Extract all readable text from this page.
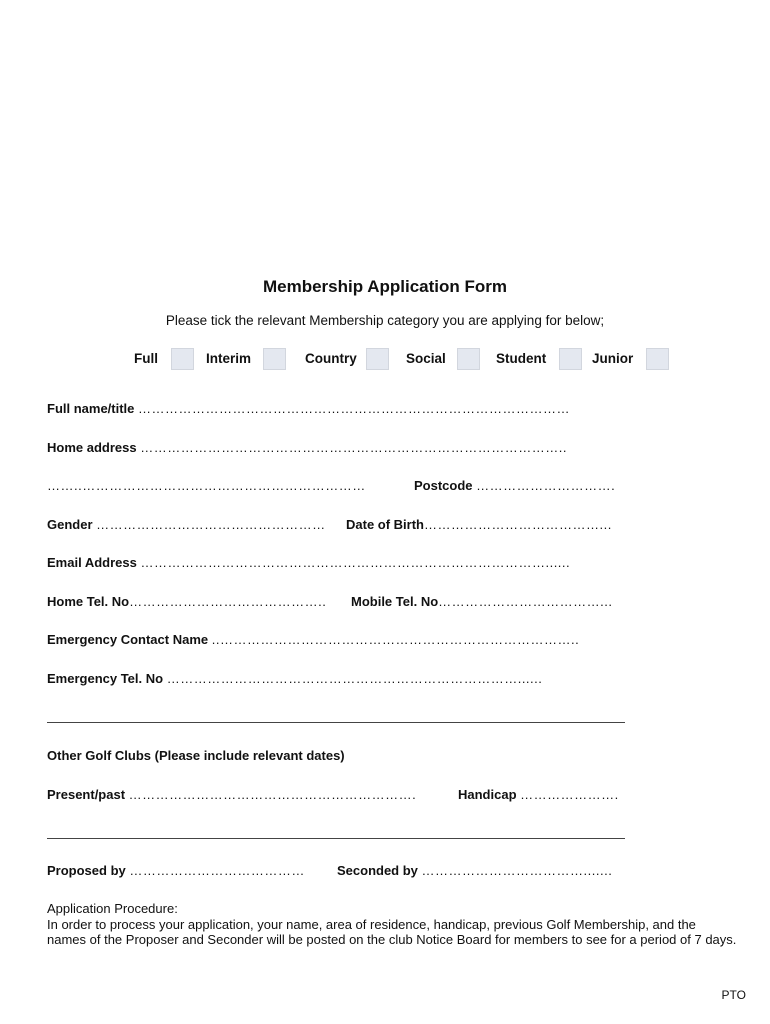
Membership Application Form
Please tick the relevant Membership category you are applying for below;
Full	Interim	Country	Social	Student	Junior
Full name/title ……………………………………………………………………………………
Home address …………………………………………………………………………………..
……..………………………………………………………	Postcode ………………………….
Gender …………………………………………… Date of Birth…………………………………...
Email Address ………………………………………………………………………………......
Home Tel. No…………………………………….. Mobile Tel. No………………………………...
Emergency Contact Name ..……………………………………………………………………..
Emergency Tel. No ……………………………………………………………………......
Other Golf Clubs (Please include relevant dates)
Present/past ……………………………………………………….	Handicap ………………….
Proposed by ………………………………… Seconded by ……………………………….......
Application Procedure:
In order to process your application, your name, area of residence, handicap, previous Golf Membership, and the names of the Proposer and Seconder will be posted on the club Notice Board for members to see for a period of 7 days.
PTO
